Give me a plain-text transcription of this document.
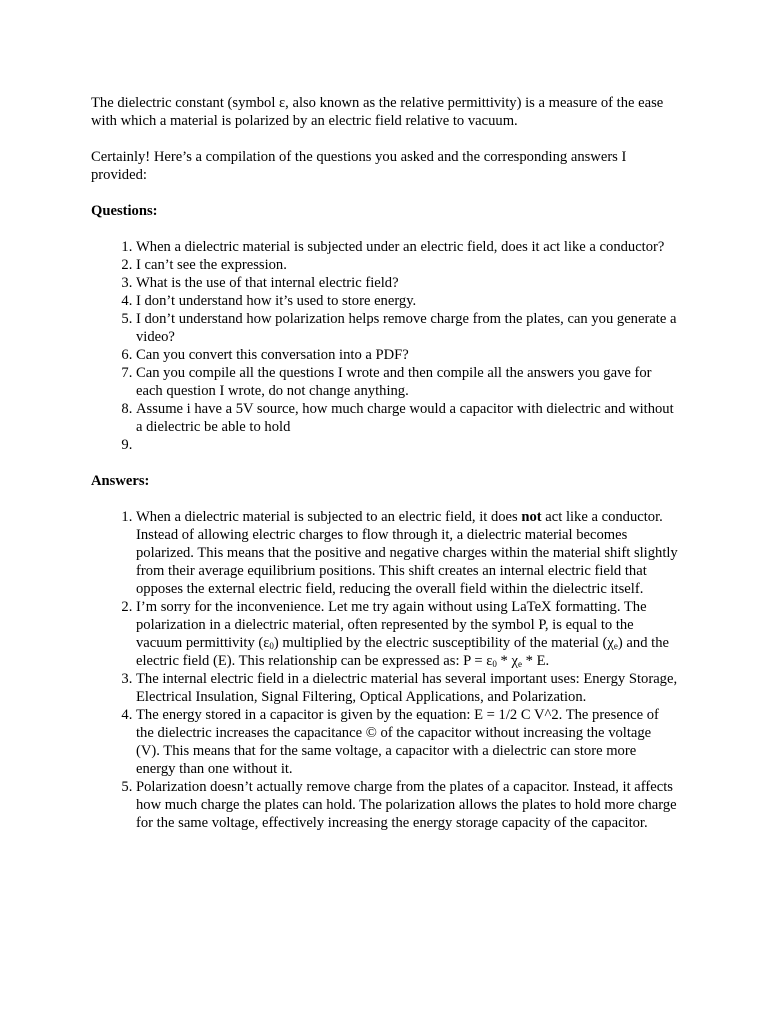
The dielectric constant (symbol ε, also known as the relative permittivity) is a measure of the ease with which a material is polarized by an electric field relative to vacuum.

Certainly! Here’s a compilation of the questions you asked and the corresponding answers I provided:

Questions:

1. When a dielectric material is subjected under an electric field, does it act like a conductor?
2. I can’t see the expression.
3. What is the use of that internal electric field?
4. I don’t understand how it’s used to store energy.
5. I don’t understand how polarization helps remove charge from the plates, can you generate a video?
6. Can you convert this conversation into a PDF?
7. Can you compile all the questions I wrote and then compile all the answers you gave for each question I wrote, do not change anything.
8. Assume i have a 5V source, how much charge would a capacitor with dielectric and without a dielectric be able to hold
9.

Answers:

1. When a dielectric material is subjected to an electric field, it does not act like a conductor. Instead of allowing electric charges to flow through it, a dielectric material becomes polarized. This means that the positive and negative charges within the material shift slightly from their average equilibrium positions. This shift creates an internal electric field that opposes the external electric field, reducing the overall field within the dielectric itself.
2. I’m sorry for the inconvenience. Let me try again without using LaTeX formatting. The polarization in a dielectric material, often represented by the symbol P, is equal to the vacuum permittivity $(\varepsilon_0)$ multiplied by the electric susceptibility of the material $(\chi_e)$ and the electric field (E). This relationship can be expressed as: $P = \varepsilon_0 * \chi_e * E$.
3. The internal electric field in a dielectric material has several important uses: Energy Storage, Electrical Insulation, Signal Filtering, Optical Applications, and Polarization.
4. The energy stored in a capacitor is given by the equation: E = 1/2 C V^2. The presence of the dielectric increases the capacitance © of the capacitor without increasing the voltage (V). This means that for the same voltage, a capacitor with a dielectric can store more energy than one without it.
5. Polarization doesn’t actually remove charge from the plates of a capacitor. Instead, it affects how much charge the plates can hold. The polarization allows the plates to hold more charge for the same voltage, effectively increasing the energy storage capacity of the capacitor.
